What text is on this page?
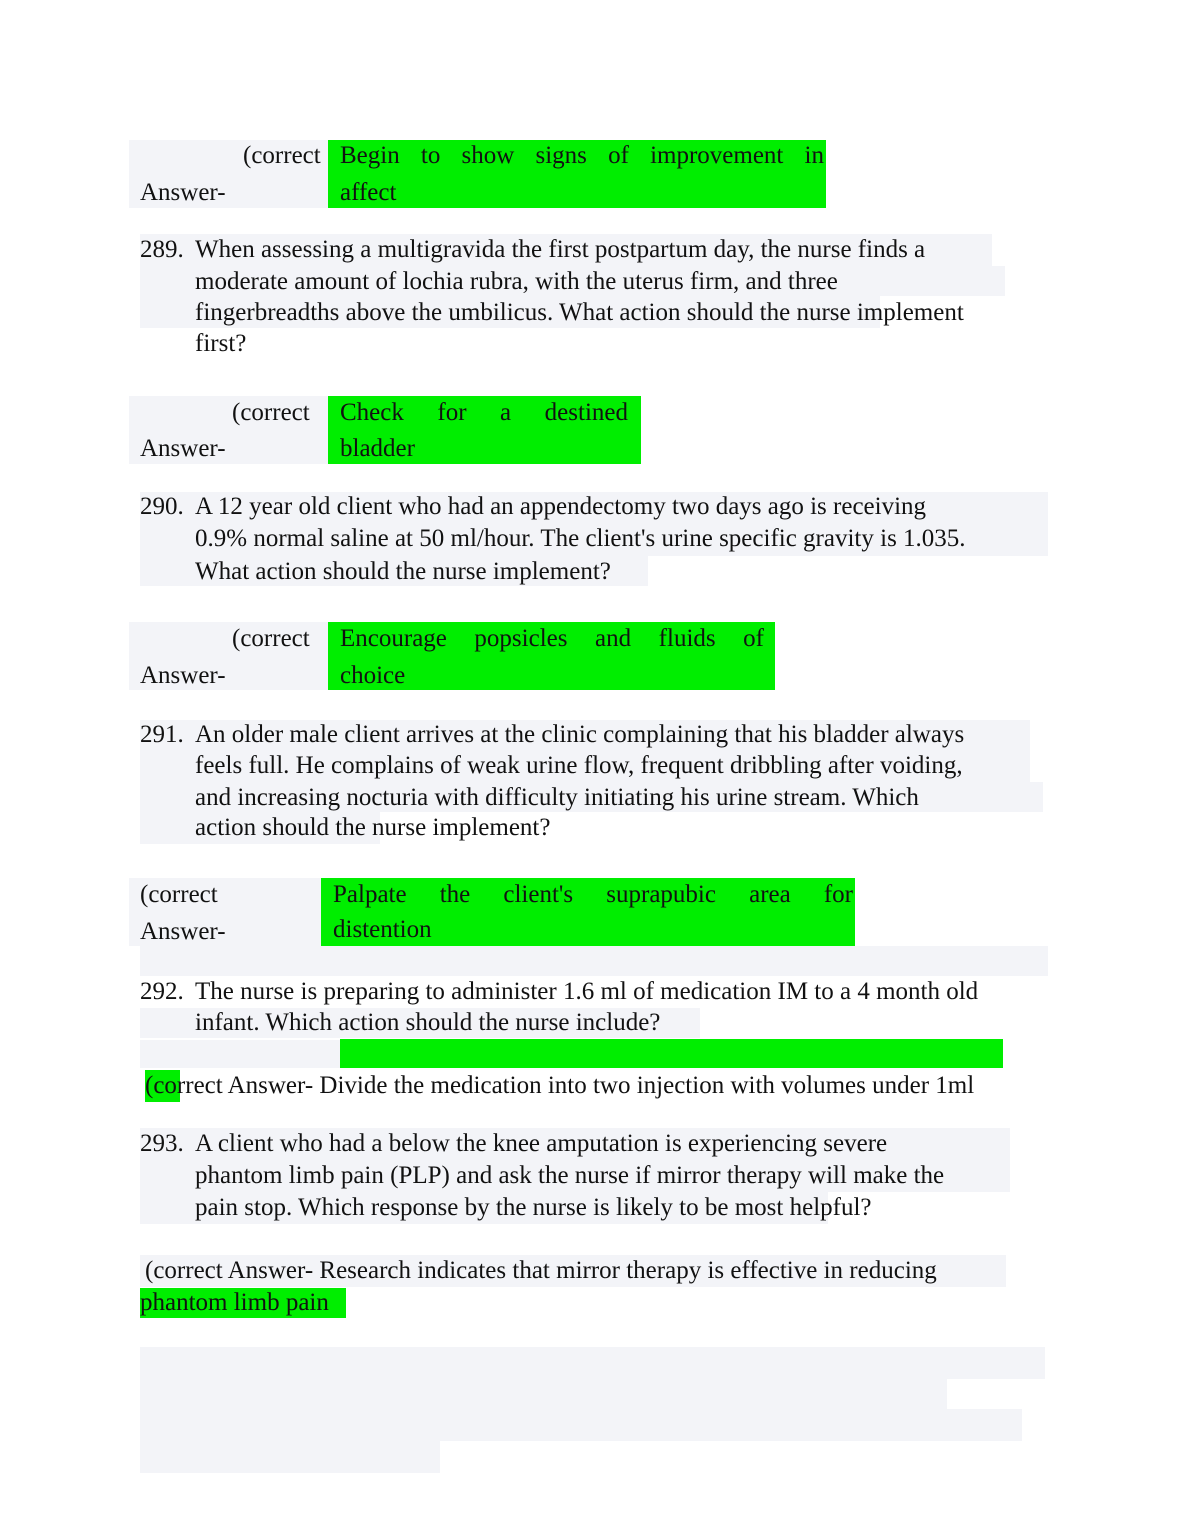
(correct
Answer-
Begin to show signs of improvement in
affect
289. When assessing a multigravida the first postpartum day, the nurse finds a
moderate amount of lochia rubra, with the uterus firm, and three
fingerbreadths above the umbilicus. What action should the nurse implement
first?
(correct
Answer-
Check for a destined
bladder
290. A 12 year old client who had an appendectomy two days ago is receiving
0.9% normal saline at 50 ml/hour. The client's urine specific gravity is 1.035.
What action should the nurse implement?
(correct
Answer-
Encourage popsicles and fluids of
choice
291. An older male client arrives at the clinic complaining that his bladder always
feels full. He complains of weak urine flow, frequent dribbling after voiding,
and increasing nocturia with difficulty initiating his urine stream. Which
action should the nurse implement?
(correct
Answer-
Palpate the client's suprapubic area for
distention
292. The nurse is preparing to administer 1.6 ml of medication IM to a 4 month old
infant. Which action should the nurse include?
(correct Answer- Divide the medication into two injection with volumes under 1ml
293. A client who had a below the knee amputation is experiencing severe
phantom limb pain (PLP) and ask the nurse if mirror therapy will make the
pain stop. Which response by the nurse is likely to be most helpful?
(correct Answer- Research indicates that mirror therapy is effective in reducing
phantom limb pain
